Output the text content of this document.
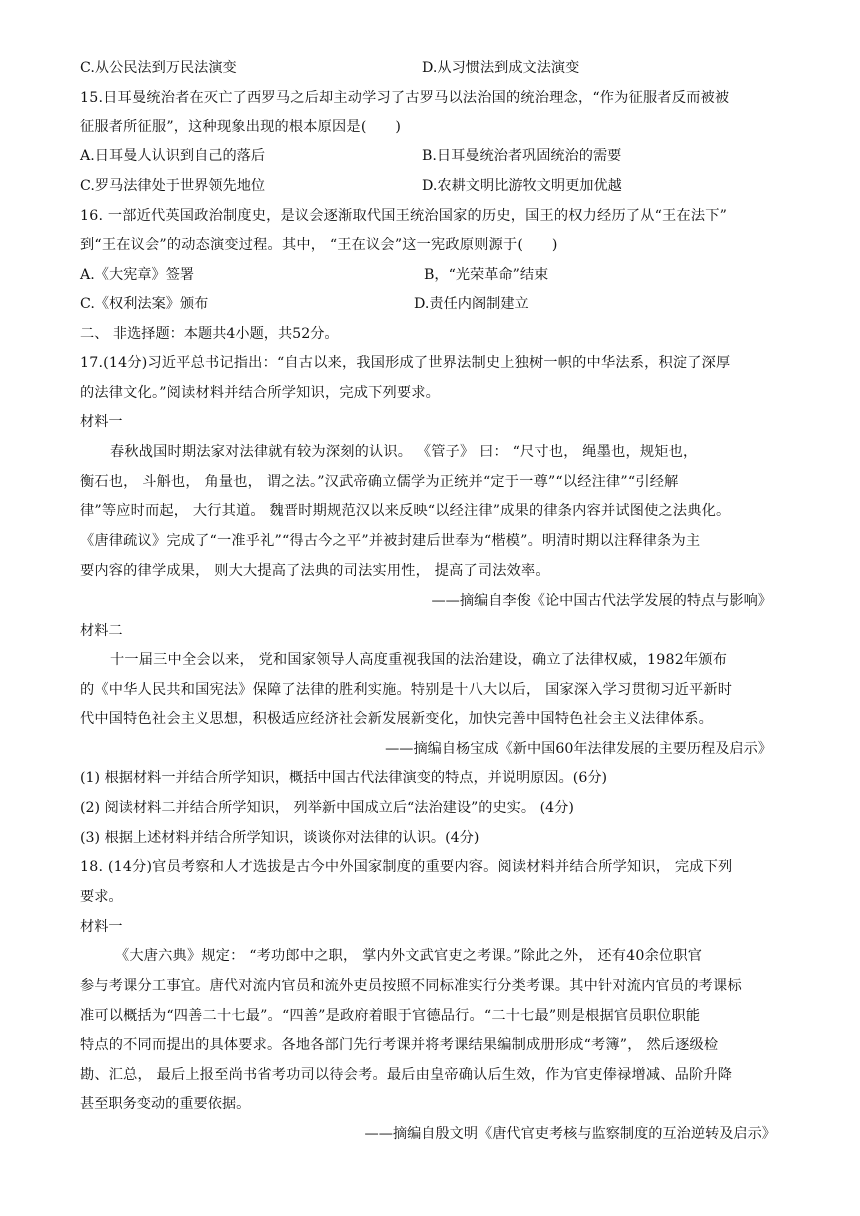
C.从公民法到万民法演变	D.从习惯法到成文法演变
15.日耳曼统治者在灭亡了西罗马之后却主动学习了古罗马以法治国的统治理念，“作为征服者反而被被
征服者所征服”，这种现象出现的根本原因是(　　)
A.日耳曼人认识到自己的落后	B.日耳曼统治者巩固统治的需要
C.罗马法律处于世界领先地位	D.农耕文明比游牧文明更加优越
16. 一部近代英国政治制度史，是议会逐渐取代国王统治国家的历史，国王的权力经历了从“王在法下”
到“王在议会”的动态演变过程。其中， “王在议会”这一宪政原则源于(　　)
A.《大宪章》签署	B，“光荣革命”结束
C.《权利法案》颁布	D.责任内阁制建立
二、 非选择题：本题共4小题，共52分。
17.(14分)习近平总书记指出：“自古以来，我国形成了世界法制史上独树一帜的中华法系，积淀了深厚
的法律文化。”阅读材料并结合所学知识，完成下列要求。
材料一
春秋战国时期法家对法律就有较为深刻的认识。 《管子》 曰： “尺寸也， 绳墨也，规矩也，
衡石也， 斗斛也， 角量也， 谓之法。”汉武帝确立儒学为正统并“定于一尊”“以经注律”“引经解
律”等应时而起， 大行其道。 魏晋时期规范汉以来反映“以经注律”成果的律条内容并试图使之法典化。
《唐律疏议》完成了“一准乎礼”“得古今之平”并被封建后世奉为“楷模”。明清时期以注释律条为主
要内容的律学成果， 则大大提高了法典的司法实用性， 提高了司法效率。
——摘编自李俊《论中国古代法学发展的特点与影响》
材料二
十一届三中全会以来， 党和国家领导人高度重视我国的法治建设，确立了法律权威，1982年颁布
的《中华人民共和国宪法》保障了法律的胜利实施。特别是十八大以后， 国家深入学习贯彻习近平新时
代中国特色社会主义思想，积极适应经济社会新发展新变化，加快完善中国特色社会主义法律体系。
——摘编自杨宝成《新中国60年法律发展的主要历程及启示》
(1) 根据材料一并结合所学知识，概括中国古代法律演变的特点，并说明原因。(6分)
(2) 阅读材料二并结合所学知识， 列举新中国成立后“法治建设”的史实。 (4分)
(3) 根据上述材料并结合所学知识，谈谈你对法律的认识。(4分)
18. (14分)官员考察和人才选拔是古今中外国家制度的重要内容。阅读材料并结合所学知识， 完成下列
要求。
材料一
《大唐六典》规定： “考功郎中之职， 掌内外文武官吏之考课。”除此之外， 还有40余位职官
参与考课分工事宜。唐代对流内官员和流外吏员按照不同标准实行分类考课。其中针对流内官员的考课标
准可以概括为“四善二十七最”。“四善”是政府着眼于官德品行。“二十七最”则是根据官员职位职能
特点的不同而提出的具体要求。各地各部门先行考课并将考课结果编制成册形成“考簿”， 然后逐级检
勘、汇总， 最后上报至尚书省考功司以待会考。最后由皇帝确认后生效，作为官吏俸禄增减、品阶升降
甚至职务变动的重要依据。
——摘编自殷文明《唐代官吏考核与监察制度的互治逆转及启示》
